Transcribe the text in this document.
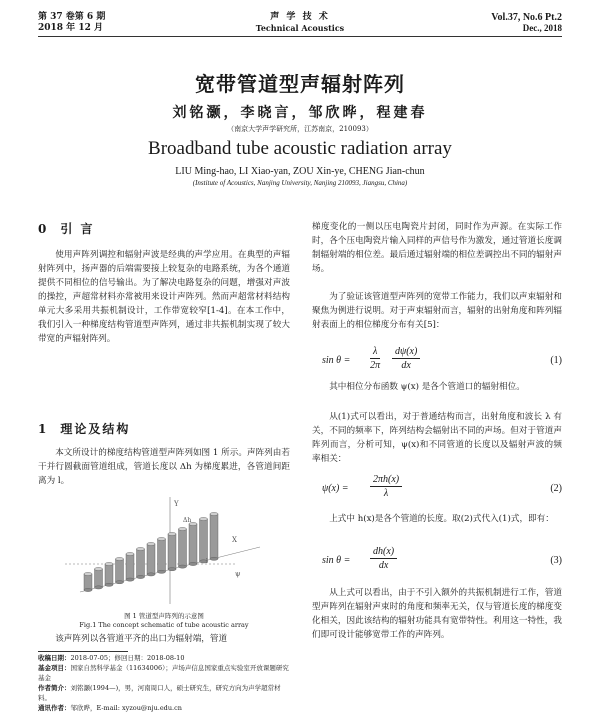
第 37 卷第 6 期
2018 年 12 月
声 学 技 术
Technical Acoustics
Vol.37, No.6 Pt.2
Dec., 2018
宽带管道型声辐射阵列
刘铭灏，李晓言，邹欣晔，程建春
（南京大学声学研究所，江苏南京，210093）
Broadband tube acoustic radiation array
LIU Ming-hao, LI Xiao-yan, ZOU Xin-ye, CHENG Jian-chun
(Institute of Acoustics, Nanjing University, Nanjing 210093, Jiangsu, China)
0 引 言

使用声阵列调控和辐射声波是经典的声学应用。在典型的声辐射阵列中，扬声器的后端需要接上较复杂的电路系统，为各个通道提供不同相位的信号输出。为了解决电路复杂的问题，增强对声波的操控，声超常材料亦常被用来设计声阵列。然而声超常材料结构单元大多采用共振机制设计，工作带宽较窄[1-4]。在本工作中，我们引入一种梯度结构管道型声阵列，通过非共振机制实现了较大带宽的声辐射阵列。

1 理论及结构

本文所设计的梯度结构管道型声阵列如图 1 所示。声阵列由若干并行圆截面管道组成，管道长度以 Δh 为梯度累进，各管道间距离为 l。

Y
X
Δh
l
ψ
图 1 管道型声阵列的示意图
Fig.1 The concept schematic of tube acoustic array

该声阵列以各管道平齐的出口为辐射端，管道

收稿日期：2018-07-05；修回日期：2018-08-10
基金项目：国家自然科学基金（11634006）；声场声信息国家重点实验室开放课题研究基金
作者简介：刘铭灏(1994—)，男，河南周口人，硕士研究生，研究方向为声学超常材料。
通讯作者：邹欣晔，E-mail: xyzou@nju.edu.cn

梯度变化的一侧以压电陶瓷片封闭，同时作为声源。在实际工作时，各个压电陶瓷片输入同样的声信号作为激发，通过管道长度调制辐射端的相位差。最后通过辐射端的相位差调控出不同的辐射声场。

为了验证该管道型声阵列的宽带工作能力，我们以声束辐射和聚焦为例进行说明。对于声束辐射而言，辐射的出射角度和阵列辐射表面上的相位梯度分布有关[5]：

sin θ =
λ
2π
dψ(x)
dx	(1)

其中相位分布函数 ψ(x) 是各个管道口的辐射相位。

从(1)式可以看出，对于普通结构而言，出射角度和波长 λ 有关，不同的频率下，阵列结构会辐射出不同的声场。但对于管道声阵列而言，分析可知，ψ(x)和不同管道的长度以及辐射声波的频率相关：

ψ(x) =
2πh(x)
λ	(2)

上式中 h(x)是各个管道的长度。取(2)式代入(1)式，即有：

sin θ =
dh(x)
dx	(3)

从上式可以看出，由于不引入额外的共振机制进行工作，管道型声阵列在辐射声束时的角度和频率无关，仅与管道长度的梯度变化相关，因此该结构的辐射功能具有宽带特性。利用这一特性，我们即可设计能够宽带工作的声阵列。
